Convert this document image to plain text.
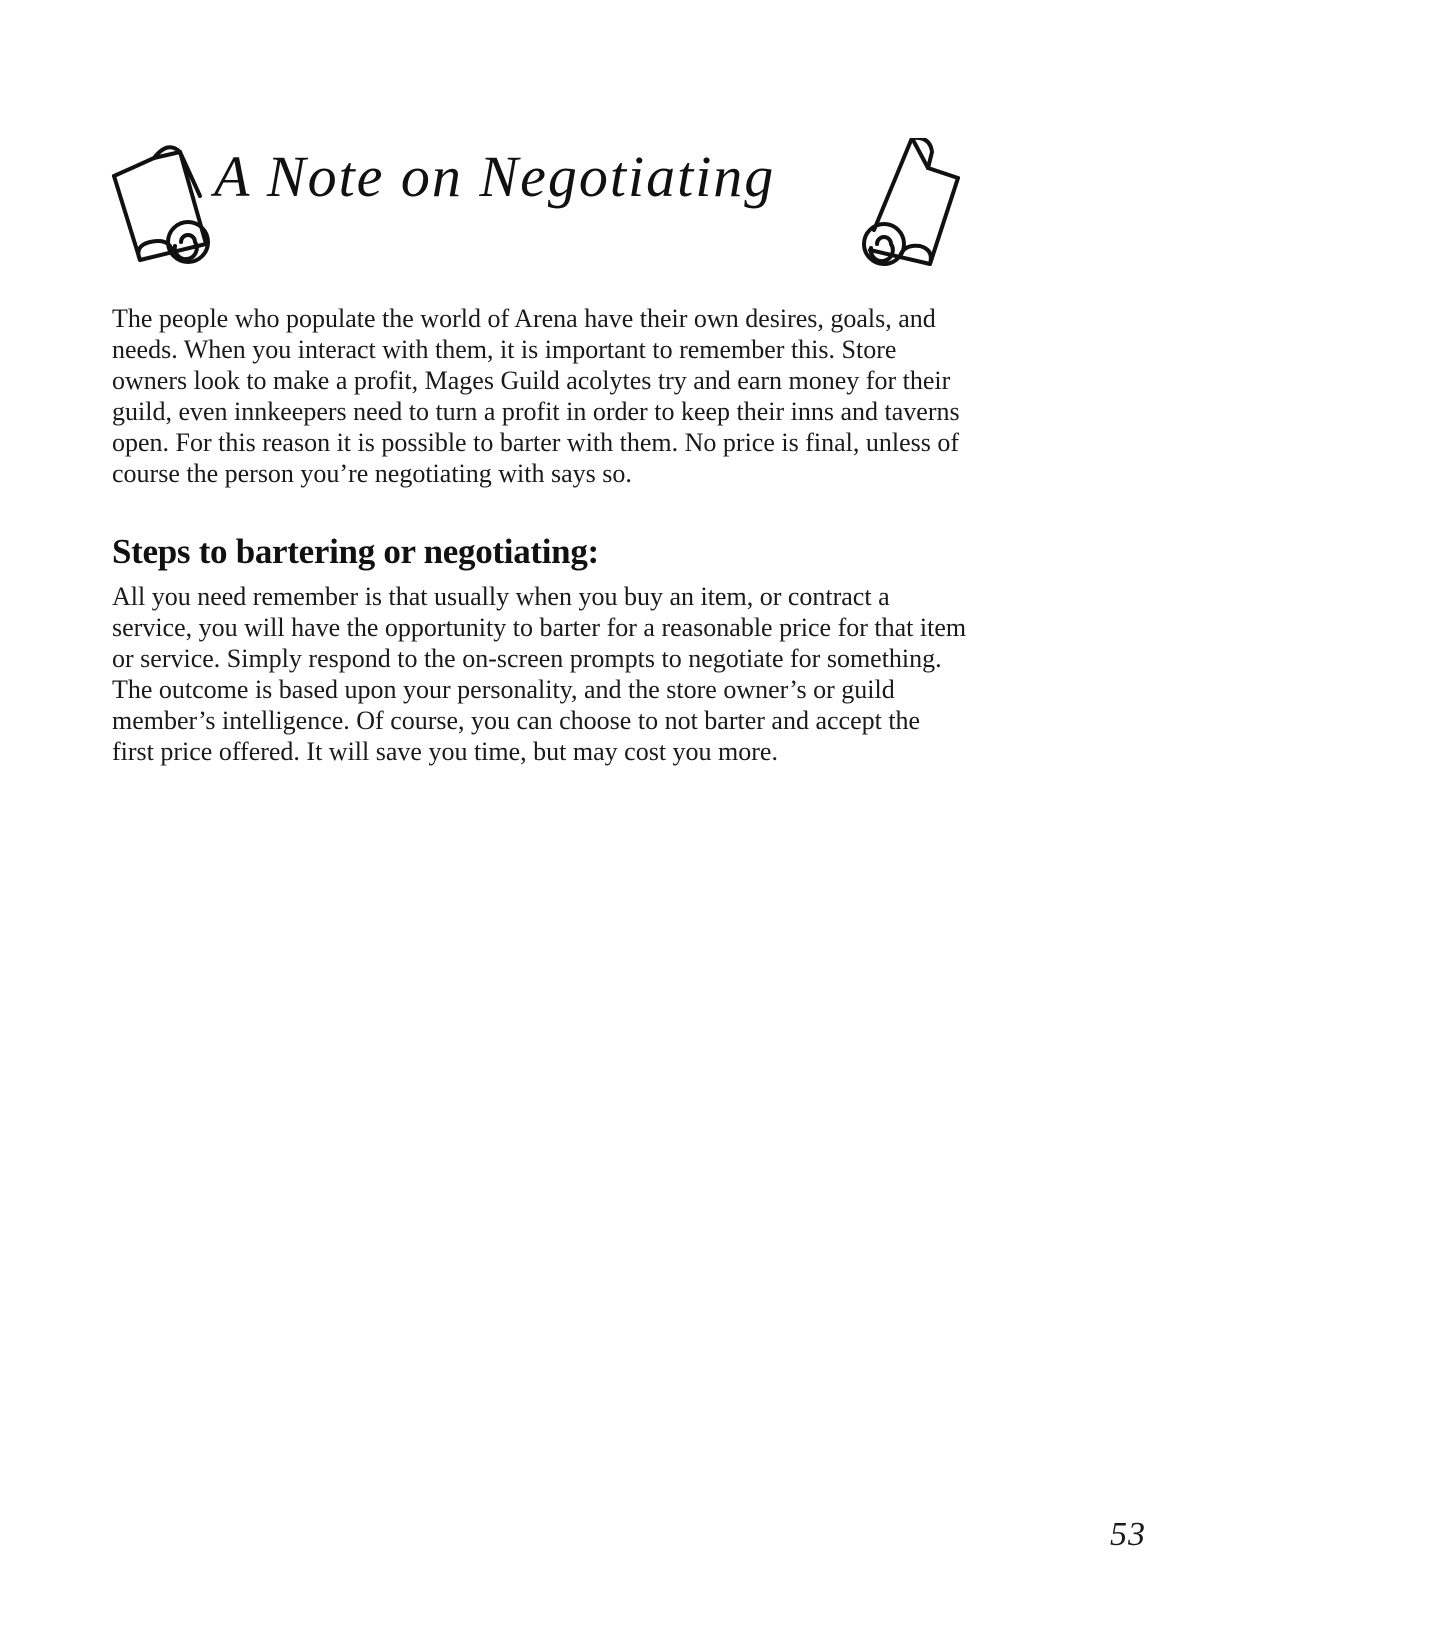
A Note on Negotiating

The people who populate the world of Arena have their own desires, goals, and needs. When you interact with them, it is important to remember this. Store owners look to make a profit, Mages Guild acolytes try and earn money for their guild, even innkeepers need to turn a profit in order to keep their inns and taverns open. For this reason it is possible to barter with them. No price is final, unless of course the person you’re negotiating with says so.

Steps to bartering or negotiating:

All you need remember is that usually when you buy an item, or contract a service, you will have the opportunity to barter for a reasonable price for that item or service. Simply respond to the on-screen prompts to negotiate for something. The outcome is based upon your personality, and the store owner’s or guild member’s intelligence. Of course, you can choose to not barter and accept the first price offered. It will save you time, but may cost you more.

53
